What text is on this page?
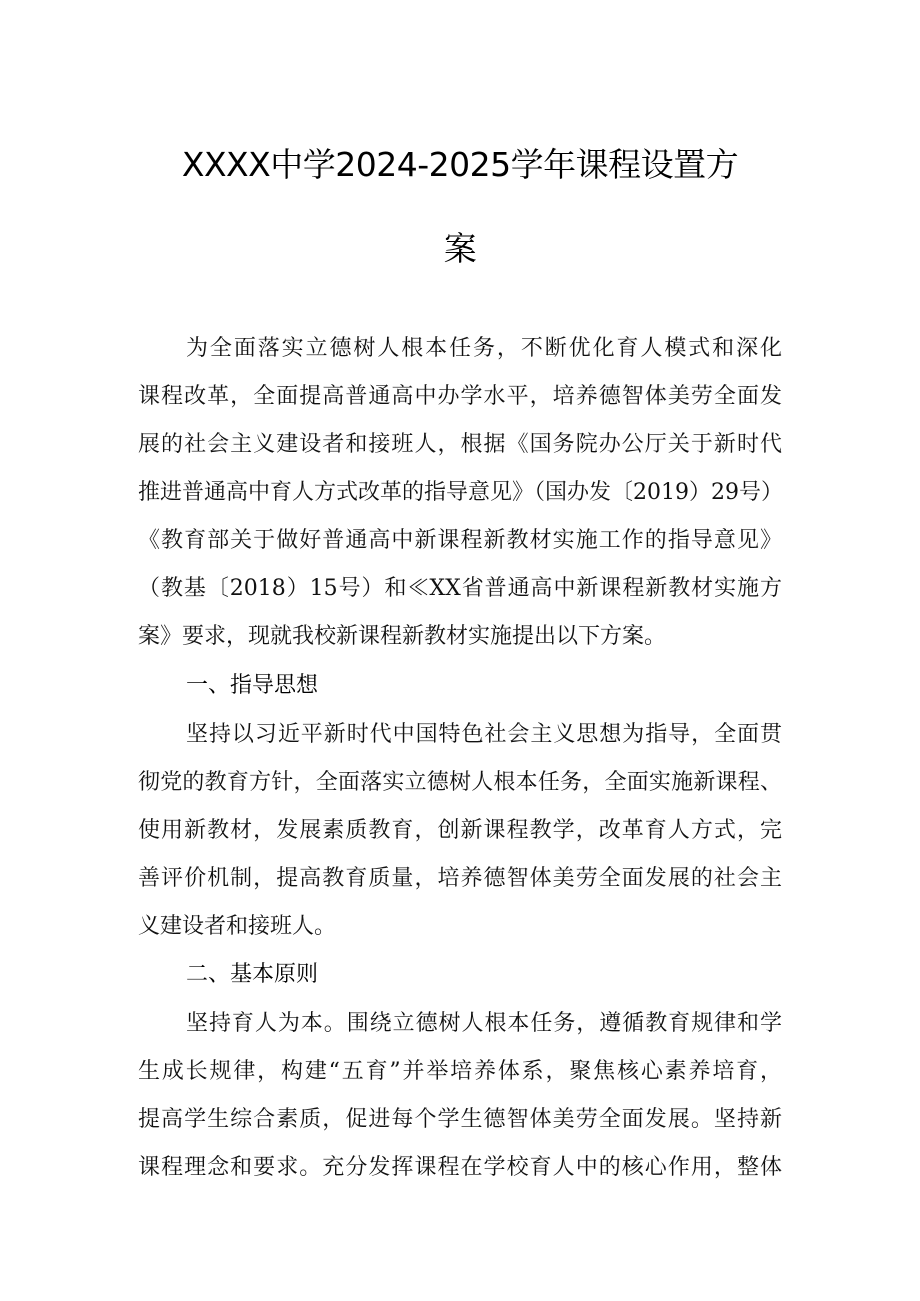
XXXX中学2024-2025学年课程设置方
案
为全面落实立德树人根本任务，不断优化育人模式和深化
课程改革，全面提高普通高中办学水平，培养德智体美劳全面发
展的社会主义建设者和接班人，根据《国务院办公厅关于新时代
推进普通高中育人方式改革的指导意见》（国办发〔2019）29号）
《教育部关于做好普通高中新课程新教材实施工作的指导意见》
（教基〔2018）15号）和≪XX省普通高中新课程新教材实施方
案》要求，现就我校新课程新教材实施提出以下方案。
一、指导思想
坚持以习近平新时代中国特色社会主义思想为指导，全面贯
彻党的教育方针，全面落实立德树人根本任务，全面实施新课程、
使用新教材，发展素质教育，创新课程教学，改革育人方式，完
善评价机制，提高教育质量，培养德智体美劳全面发展的社会主
义建设者和接班人。
二、基本原则
坚持育人为本。围绕立德树人根本任务，遵循教育规律和学
生成长规律，构建“五育”并举培养体系，聚焦核心素养培育，
提高学生综合素质，促进每个学生德智体美劳全面发展。坚持新
课程理念和要求。充分发挥课程在学校育人中的核心作用，整体
